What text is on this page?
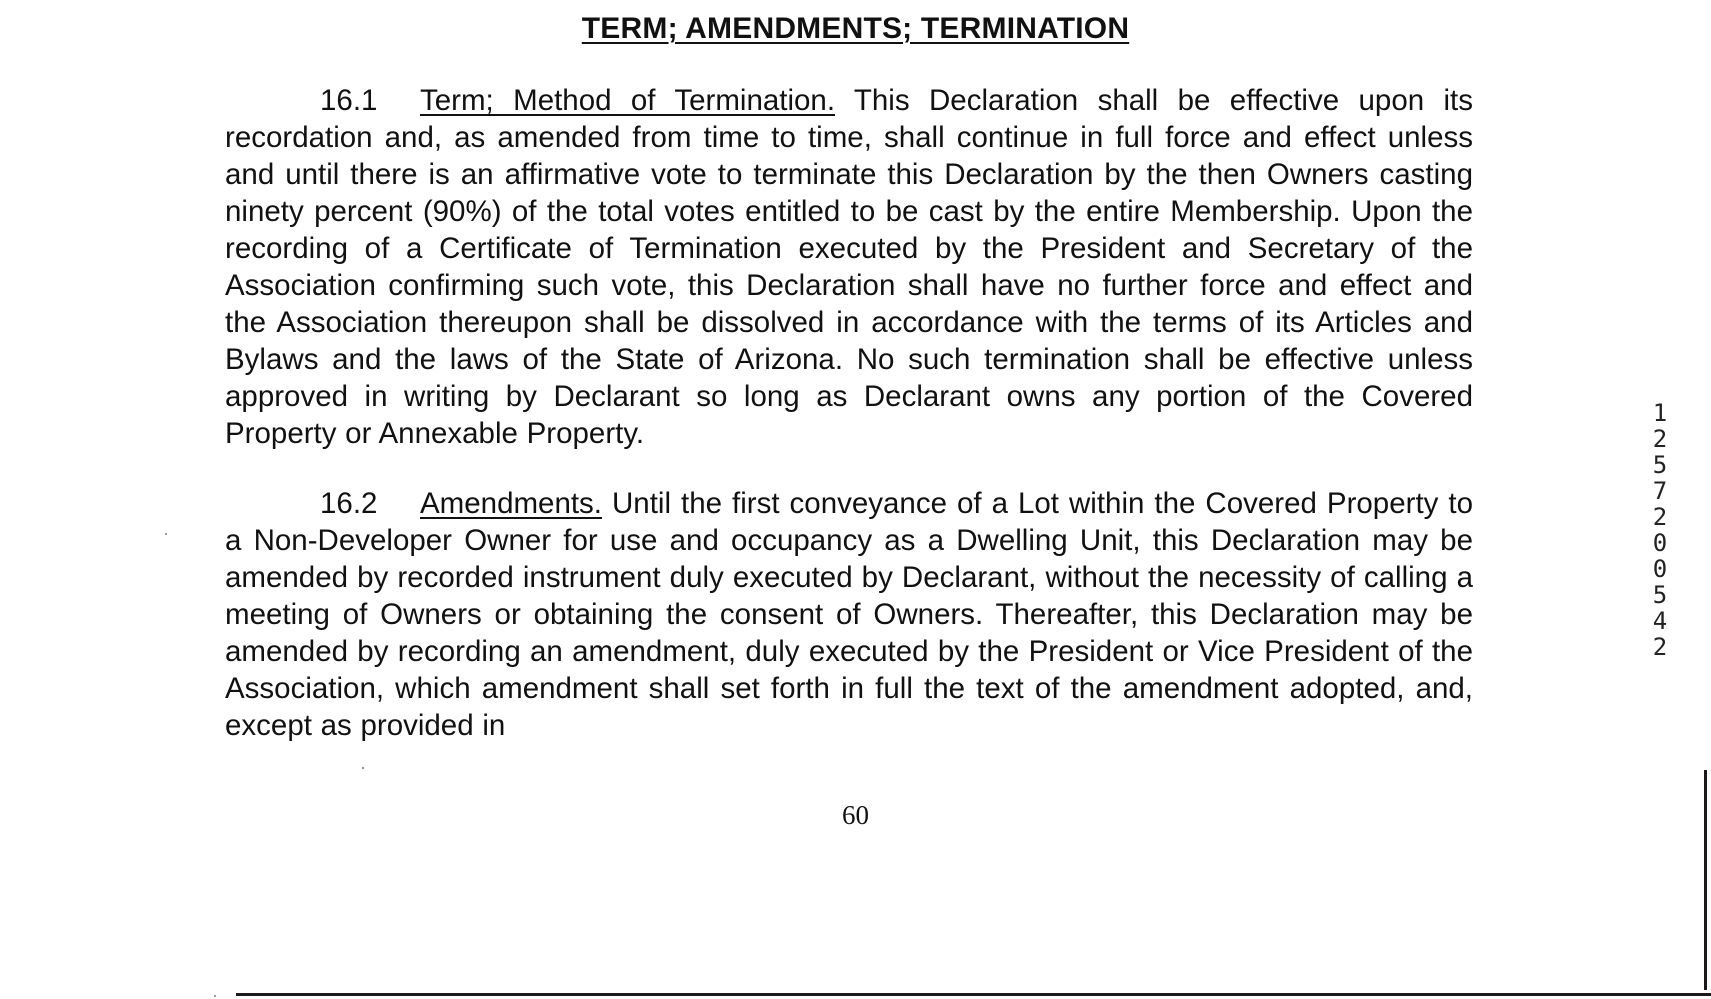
TERM; AMENDMENTS; TERMINATION
16.1 Term; Method of Termination. This Declaration shall be effective upon its recordation and, as amended from time to time, shall continue in full force and effect unless and until there is an affirmative vote to terminate this Declaration by the then Owners casting ninety percent (90%) of the total votes entitled to be cast by the entire Membership. Upon the recording of a Certificate of Termination executed by the President and Secretary of the Association confirming such vote, this Declaration shall have no further force and effect and the Association thereupon shall be dissolved in accordance with the terms of its Articles and Bylaws and the laws of the State of Arizona. No such termination shall be effective unless approved in writing by Declarant so long as Declarant owns any portion of the Covered Property or Annexable Property.
16.2 Amendments. Until the first conveyance of a Lot within the Covered Property to a Non-Developer Owner for use and occupancy as a Dwelling Unit, this Declaration may be amended by recorded instrument duly executed by Declarant, without the necessity of calling a meeting of Owners or obtaining the consent of Owners. Thereafter, this Declaration may be amended by recording an amendment, duly executed by the President or Vice President of the Association, which amendment shall set forth in full the text of the amendment adopted, and, except as provided in
60
12572 00542
